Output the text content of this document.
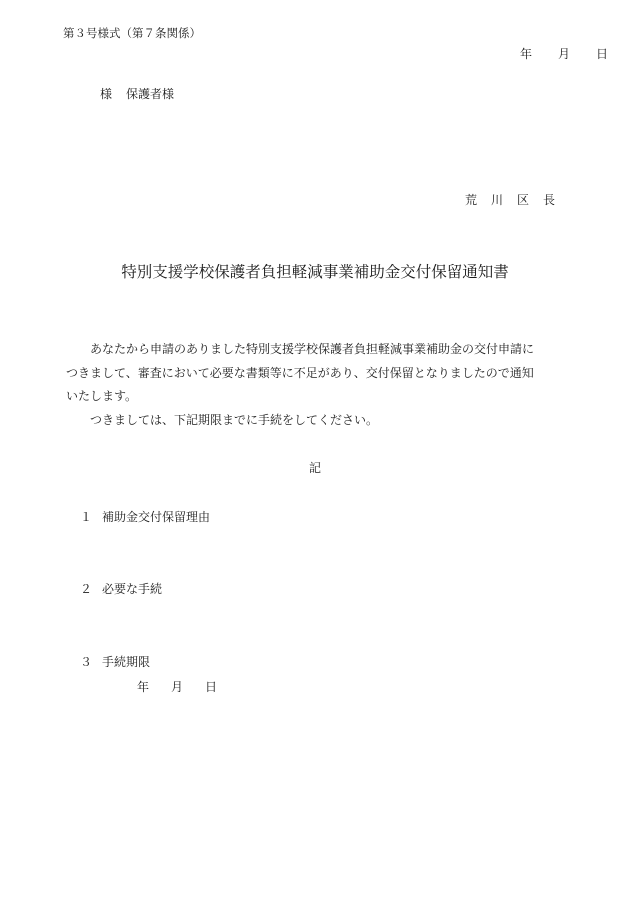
第３号様式（第７条関係）
年 月 日
様 保護者様
荒 川 区 長
特別支援学校保護者負担軽減事業補助金交付保留通知書

あなたから申請のありました特別支援学校保護者負担軽減事業補助金の交付申請に
つきまして、審査において必要な書類等に不足があり、交付保留となりましたので通知
いたします。

つきましては、下記期限までに手続をしてください。

記
１ 補助金交付保留理由
２ 必要な手続
３ 手続期限
年 月 日
